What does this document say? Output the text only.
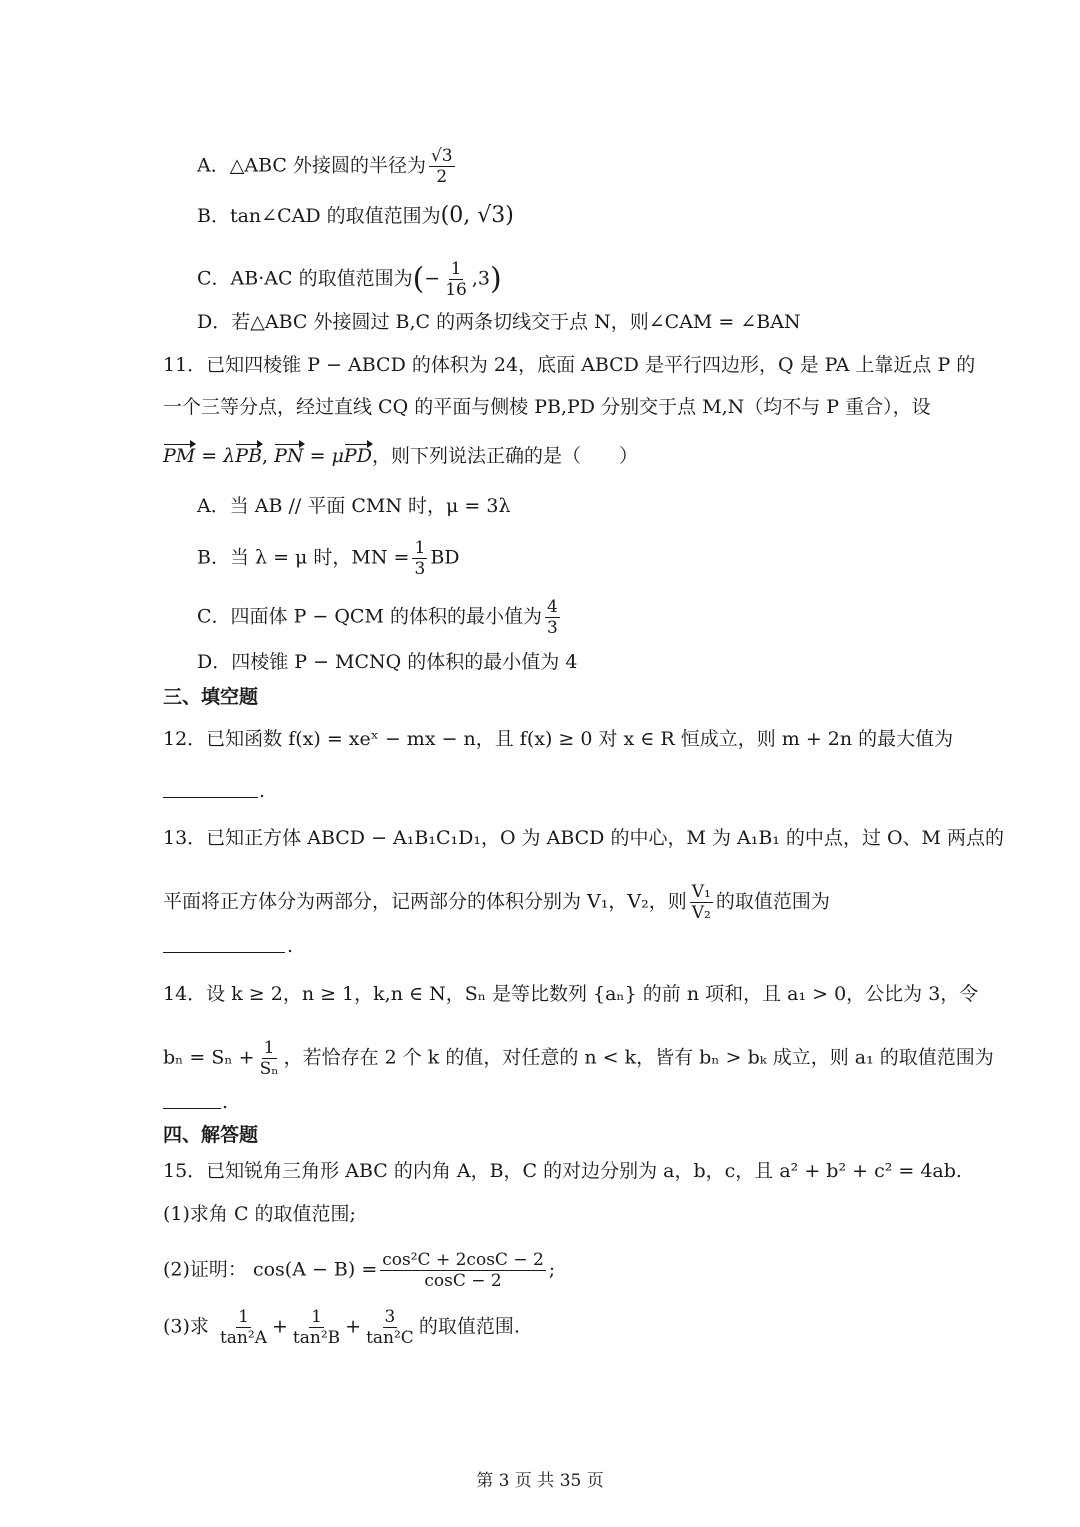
A．△ABC 外接圆的半径为 $\frac{√3}{2}$
B．tan∠CAD 的取值范围为(0, √3)
C．AB·AC 的取值范围为(− $\frac{1}{16} ,3$)
D．若△ABC 外接圆过 B,C 的两条切线交于点 N，则∠CAM = ∠BAN
11．已知四棱锥 P − ABCD 的体积为 24，底面 ABCD 是平行四边形，Q 是 PA 上靠近点 P 的
一个三等分点，经过直线 CQ 的平面与侧棱 PB,PD 分别交于点 M,N（均不与 P 重合），设
PM = λPB, PN = μPD，则下列说法正确的是（　　）
A．当 AB // 平面 CMN 时，μ = 3λ
B．当 λ = μ 时，MN = $\frac{1}{3}$ BD
C．四面体 P − QCM 的体积的最小值为 $\frac{4}{3}$
D．四棱锥 P − MCNQ 的体积的最小值为 4
三、填空题
12．已知函数 f(x) = xeˣ − mx − n，且 f(x) ≥ 0 对 x ∈ R 恒成立，则 m + 2n 的最大值为
.
13．已知正方体 ABCD − A₁B₁C₁D₁，O 为 ABCD 的中心，M 为 A₁B₁ 的中点，过 O、M 两点的
平面将正方体分为两部分，记两部分的体积分别为 V₁，V₂，则 $\frac{\text{V₁}}{\text{V₂}}$ 的取值范围为
.
14．设 k ≥ 2，n ≥ 1，k,n ∈ N，Sₙ 是等比数列 {aₙ} 的前 n 项和，且 a₁ > 0，公比为 3，令
$b_n = S_n + \frac{1}{\text{Sₙ}}$ ，若恰存在 2 个 k 的值，对任意的 n < k，皆有 bₙ > bₖ 成立，则 a₁ 的取值范围为
.
四、解答题
15．已知锐角三角形 ABC 的内角 A，B，C 的对边分别为 a，b，c，且 a² + b² + c² = 4ab.
(1)求角 C 的取值范围;
(2)证明： $\cos(A - B) = \frac{\text{cos²C + 2cosC − 2}}{\cos C - 2}$ ;
(3)求 $\frac{1}{\text{tan²A}} + \frac{1}{\text{tan²B}} + \frac{3}{\text{tan²C}}$ 的取值范围.
第 3 页 共 35 页
